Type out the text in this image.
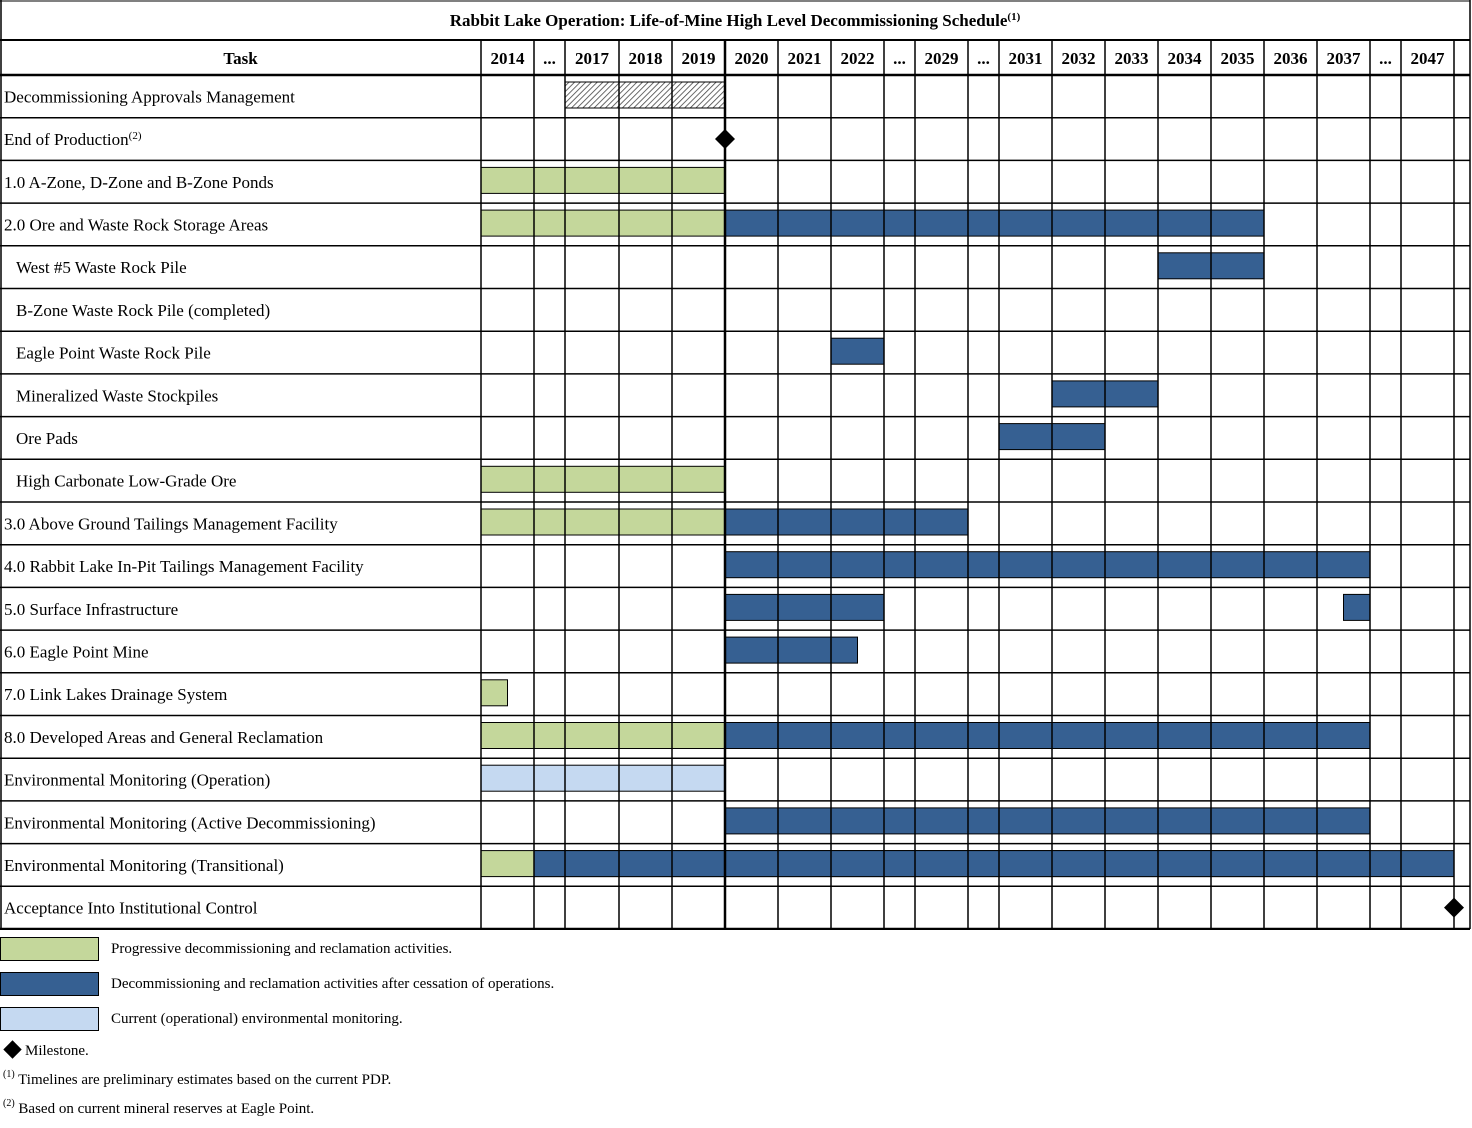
Rabbit Lake Operation: Life-of-Mine High Level Decommissioning Schedule$^{(1)}$
Task	2014 ... 2017 2018 2019 2020 2021 2022 ... 2029 ... 2031 2032 2033 2034 2035 2036 2037 ... 2047
Decommissioning Approvals Management
End of Production$^{(2)}$
1.0 A-Zone, D-Zone and B-Zone Ponds
2.0 Ore and Waste Rock Storage Areas
West #5 Waste Rock Pile
B-Zone Waste Rock Pile (completed)
Eagle Point Waste Rock Pile
Mineralized Waste Stockpiles
Ore Pads
High Carbonate Low-Grade Ore
3.0 Above Ground Tailings Management Facility
4.0 Rabbit Lake In-Pit Tailings Management Facility
5.0 Surface Infrastructure
6.0 Eagle Point Mine
7.0 Link Lakes Drainage System
8.0 Developed Areas and General Reclamation
Environmental Monitoring (Operation)
Environmental Monitoring (Active Decommissioning)
Environmental Monitoring (Transitional)
Acceptance Into Institutional Control
Progressive decommissioning and reclamation activities.
Decommissioning and reclamation activities after cessation of operations.
Current (operational) environmental monitoring.
Milestone.
$^{(1)}$ Timelines are preliminary estimates based on the current PDP.
$^{(2)}$ Based on current mineral reserves at Eagle Point.
